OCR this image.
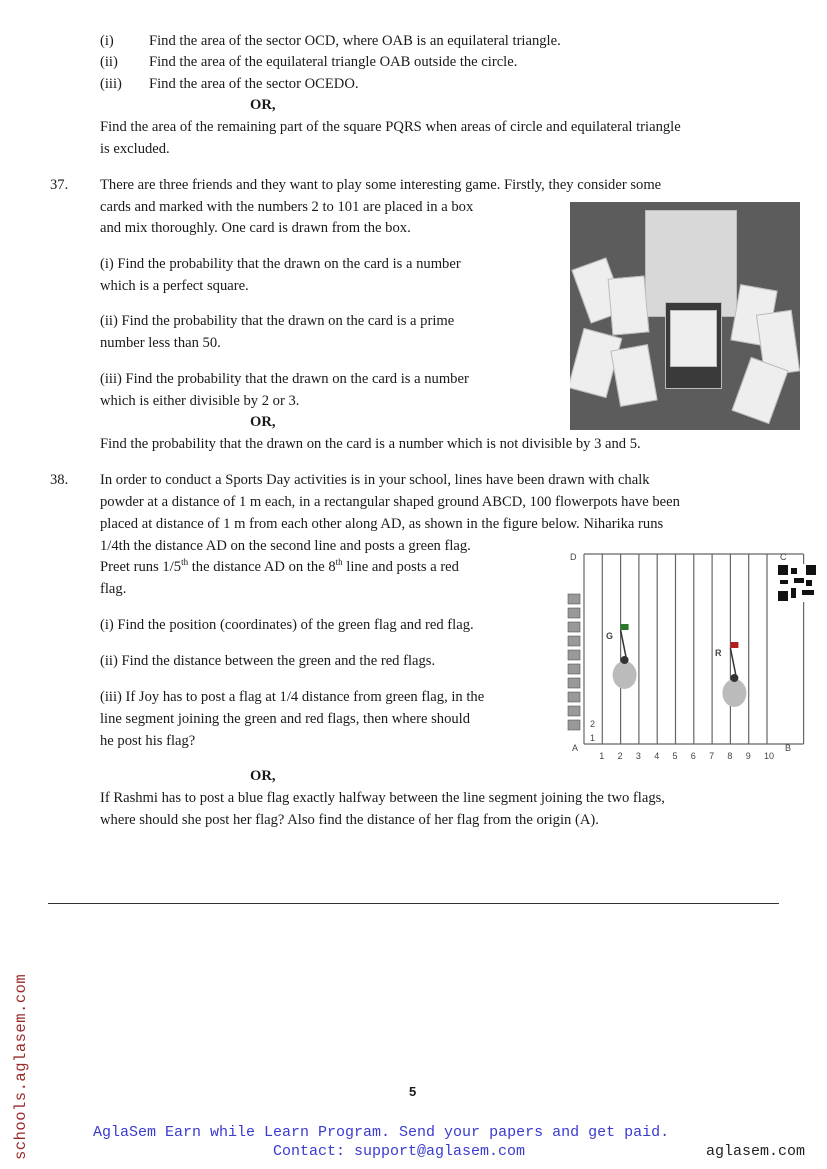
(i) Find the area of the sector OCD, where OAB is an equilateral triangle.
(ii) Find the area of the equilateral triangle OAB outside the circle.
(iii) Find the area of the sector OCEDO.
OR,
Find the area of the remaining part of the square PQRS when areas of circle and equilateral triangle
is excluded.
37. There are three friends and they want to play some interesting game. Firstly, they consider some
cards and marked with the numbers 2 to 101 are placed in a box
and mix thoroughly. One card is drawn from the box.
(i) Find the probability that the drawn on the card is a number
which is a perfect square.
(ii) Find the probability that the drawn on the card is a prime
number less than 50.
(iii) Find the probability that the drawn on the card is a number
which is either divisible by 2 or 3.
OR,
Find the probability that the drawn on the card is a number which is not divisible by 3 and 5.
38. In order to conduct a Sports Day activities is in your school, lines have been drawn with chalk
powder at a distance of 1 m each, in a rectangular shaped ground ABCD, 100 flowerpots have been
placed at distance of 1 m from each other along AD, as shown in the figure below. Niharika runs
1/4th the distance AD on the second line and posts a green flag.
Preet runs 1/5th the distance AD on the 8th line and posts a red
flag.
(i) Find the position (coordinates) of the green flag and red flag.
(ii) Find the distance between the green and the red flags.
(iii) If Joy has to post a flag at 1/4 distance from green flag, in the
line segment joining the green and red flags, then where should
he post his flag?
OR,
If Rashmi has to post a blue flag exactly halfway between the line segment joining the two flags,
where should she post her flag? Also find the distance of her flag from the origin (A).
D	C
A	B
2
1
1 2 3 4 5 6 7 8 9 10
G
R
5
AglaSem Earn while Learn Program. Send your papers and get paid.
Contact: support@aglasem.com	aglasem.com
schools.aglasem.com
